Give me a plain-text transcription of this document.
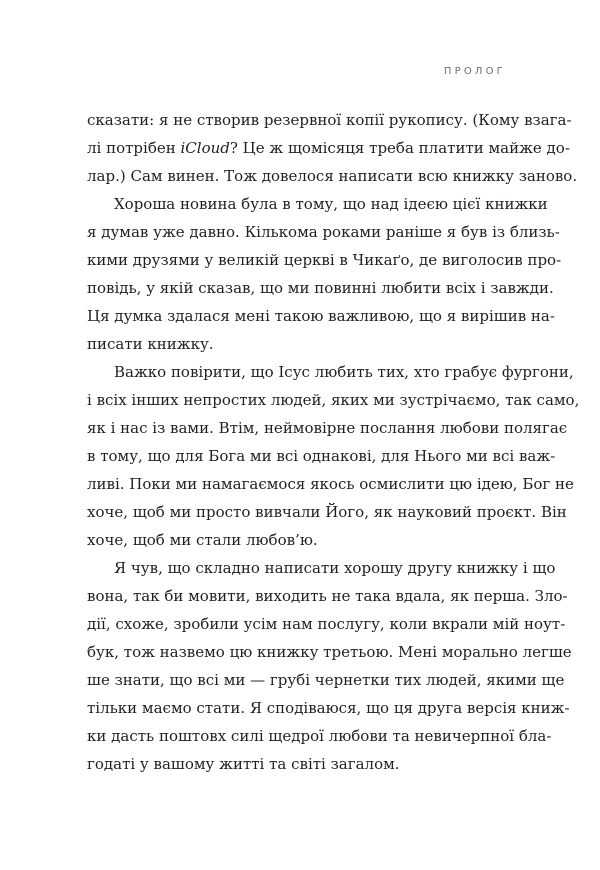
ПРОЛОГ
сказати: я не створив резервної копії рукопису. (Кому взага-
лі потрібен iCloud? Це ж щомісяця треба платити майже до-
лар.) Сам винен. Тож довелося написати всю книжку заново.
Хороша новина була в тому, що над ідеєю цієї книжки
я думав уже давно. Кількома роками раніше я був із близь-
кими друзями у великій церкві в Чикаґо, де виголосив про-
повідь, у якій сказав, що ми повинні любити всіх і завжди.
Ця думка здалася мені такою важливою, що я вирішив на-
писати книжку.
Важко повірити, що Ісус любить тих, хто грабує фургони,
і всіх інших непростих людей, яких ми зустрічаємо, так само,
як і нас із вами. Втім, неймовірне послання любови полягає
в тому, що для Бога ми всі однакові, для Нього ми всі важ-
ливі. Поки ми намагаємося якось осмислити цю ідею, Бог не
хоче, щоб ми просто вивчали Його, як науковий проєкт. Він
хоче, щоб ми стали любов’ю.
Я чув, що складно написати хорошу другу книжку і що
вона, так би мовити, виходить не така вдала, як перша. Зло-
дії, схоже, зробили усім нам послугу, коли вкрали мій ноут-
бук, тож назвемо цю книжку третьою. Мені морально легше
ше знати, що всі ми — грубі чернетки тих людей, якими ще
тільки маємо стати. Я сподіваюся, що ця друга версія книж-
ки дасть поштовх силі щедрої любови та невичерпної бла-
годаті у вашому житті та світі загалом.
